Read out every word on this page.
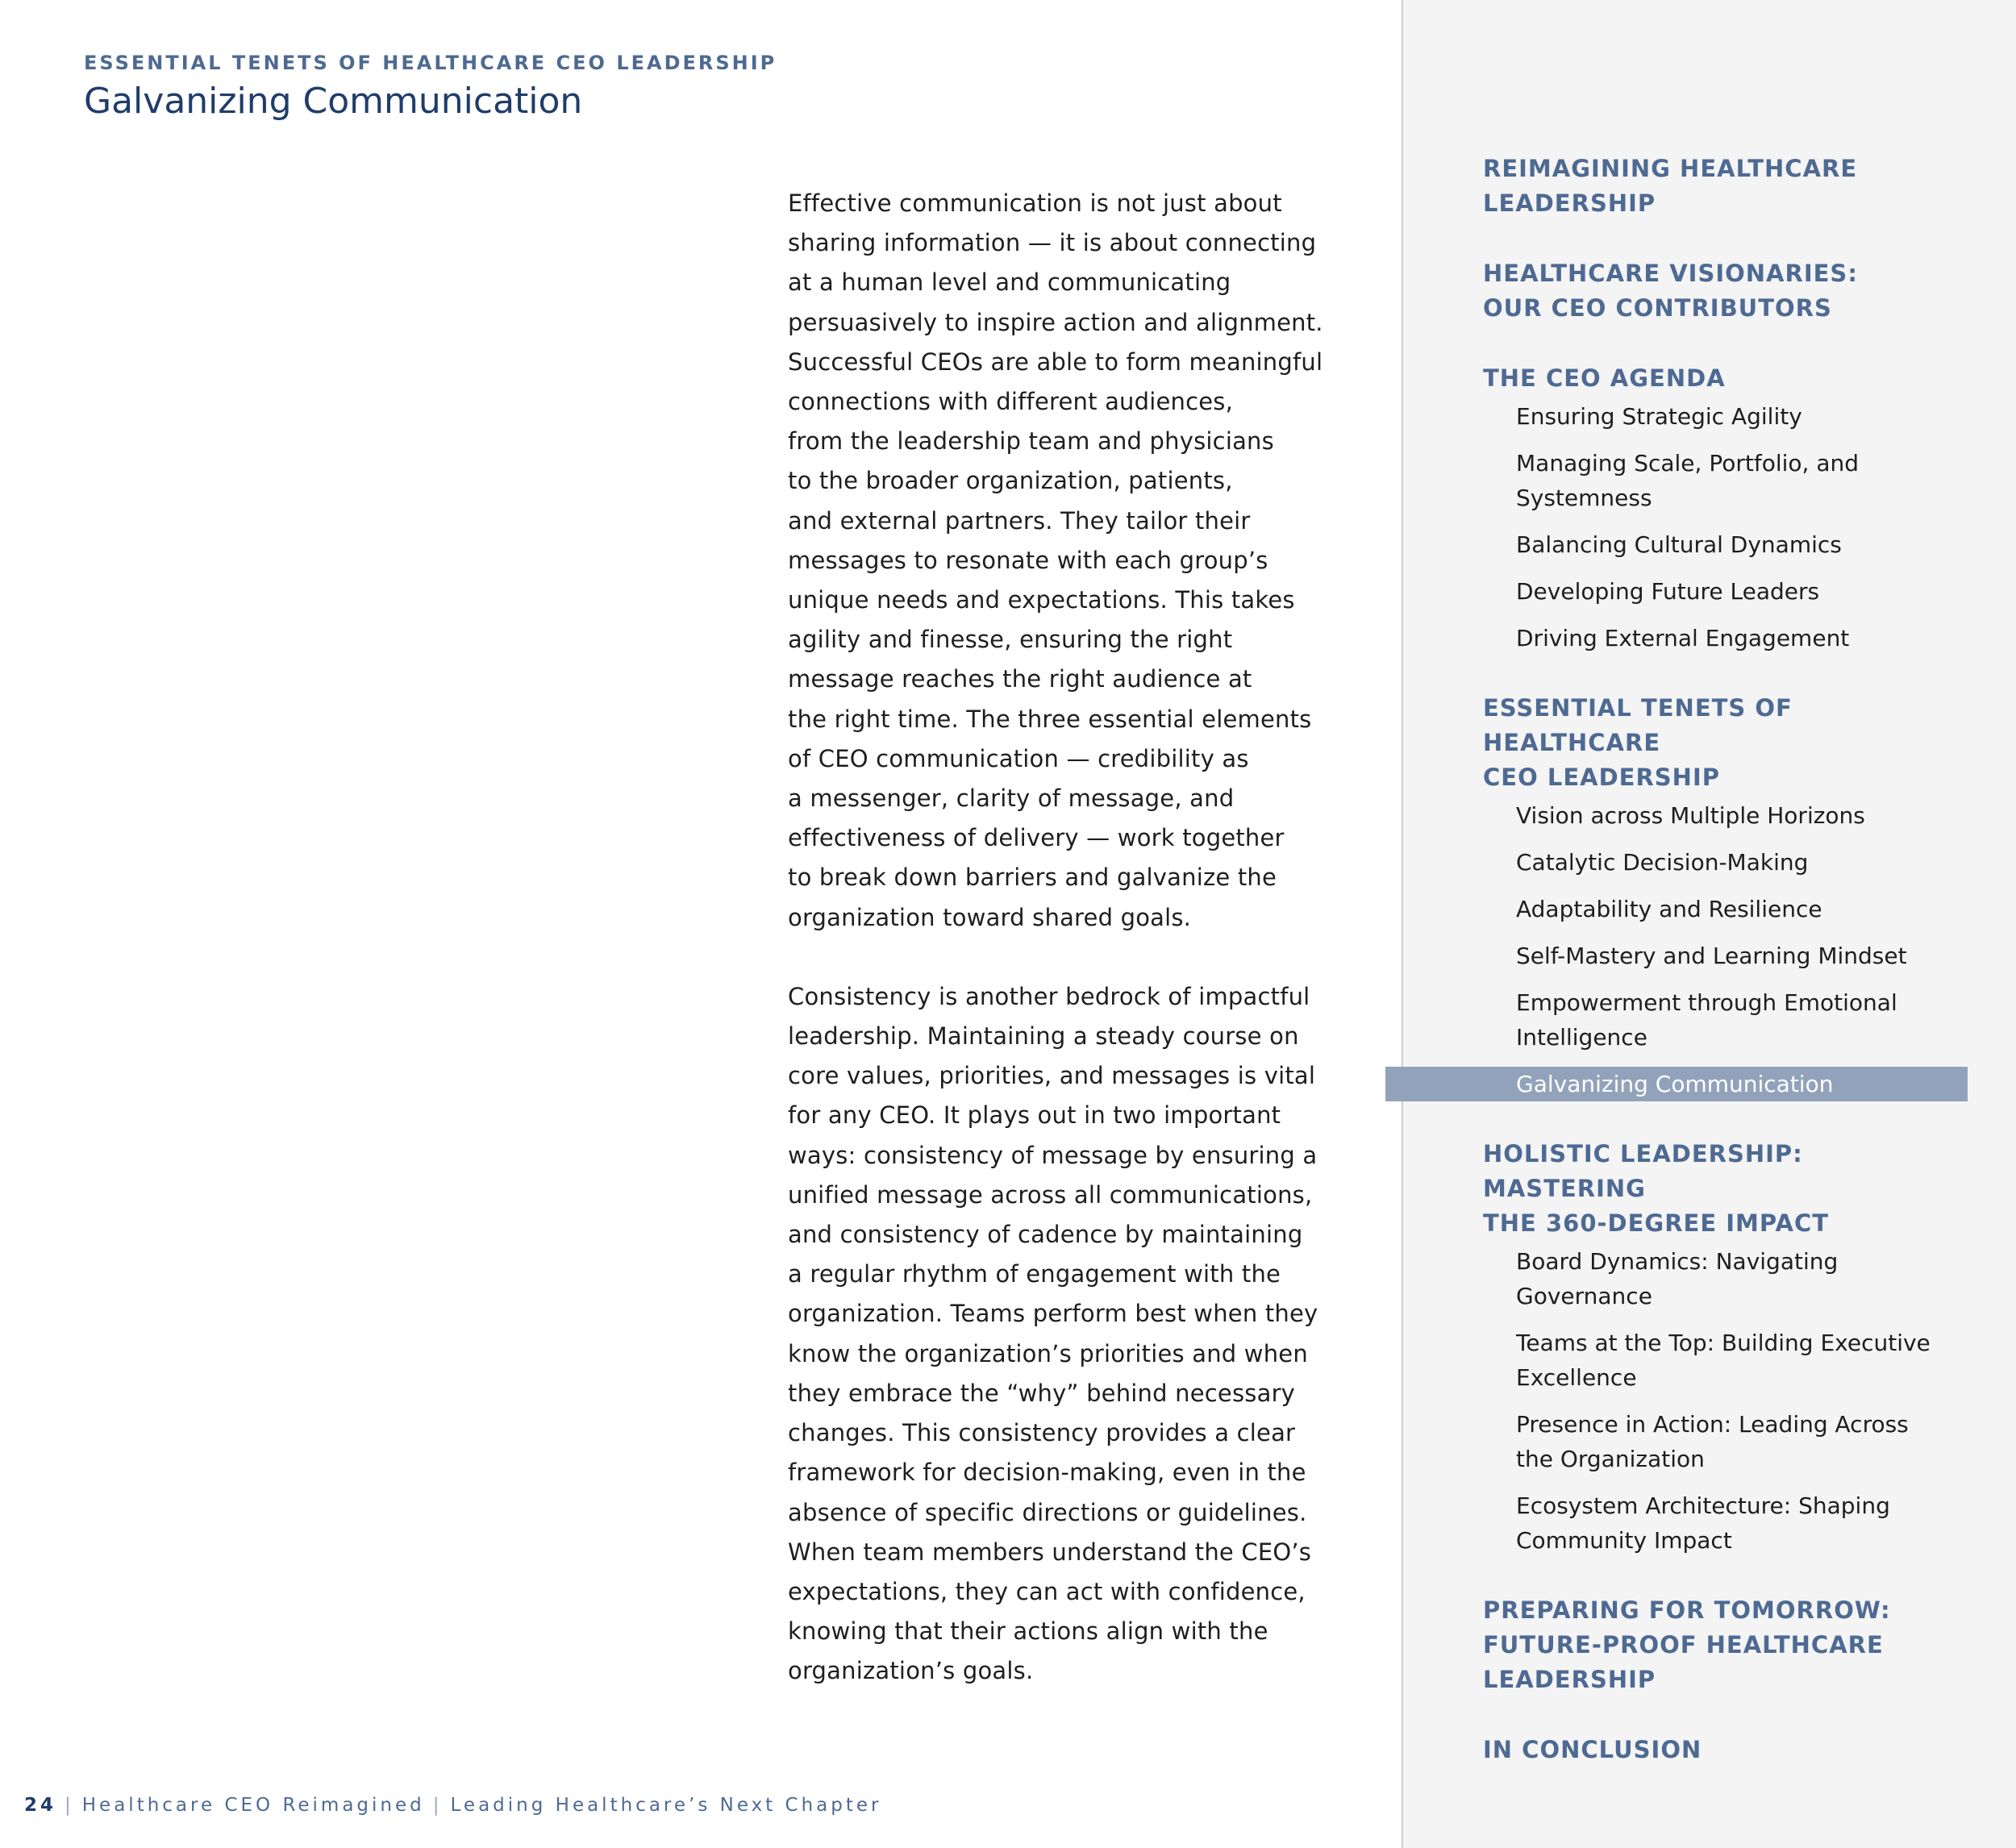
ESSENTIAL TENETS OF HEALTHCARE CEO LEADERSHIP
Galvanizing Communication

Effective communication is not just about
sharing information — it is about connecting
at a human level and communicating
persuasively to inspire action and alignment.
Successful CEOs are able to form meaningful
connections with different audiences,
from the leadership team and physicians
to the broader organization, patients,
and external partners. They tailor their
messages to resonate with each group’s
unique needs and expectations. This takes
agility and finesse, ensuring the right
message reaches the right audience at
the right time. The three essential elements
of CEO communication — credibility as
a messenger, clarity of message, and
effectiveness of delivery — work together
to break down barriers and galvanize the
organization toward shared goals.

Consistency is another bedrock of impactful
leadership. Maintaining a steady course on
core values, priorities, and messages is vital
for any CEO. It plays out in two important
ways: consistency of message by ensuring a
unified message across all communications,
and consistency of cadence by maintaining
a regular rhythm of engagement with the
organization. Teams perform best when they
know the organization’s priorities and when
they embrace the “why” behind necessary
changes. This consistency provides a clear
framework for decision-making, even in the
absence of specific directions or guidelines.
When team members understand the CEO’s
expectations, they can act with confidence,
knowing that their actions align with the
organization’s goals.

24 | Healthcare CEO Reimagined | Leading Healthcare’s Next Chapter
REIMAGINING HEALTHCARE
LEADERSHIP
HEALTHCARE VISIONARIES:
OUR CEO CONTRIBUTORS
THE CEO AGENDA
Ensuring Strategic Agility
Managing Scale, Portfolio, and
Systemness
Balancing Cultural Dynamics
Developing Future Leaders
Driving External Engagement
ESSENTIAL TENETS OF HEALTHCARE
CEO LEADERSHIP
Vision across Multiple Horizons
Catalytic Decision-Making
Adaptability and Resilience
Self-Mastery and Learning Mindset
Empowerment through Emotional
Intelligence
Galvanizing Communication
HOLISTIC LEADERSHIP: MASTERING
THE 360-DEGREE IMPACT
Board Dynamics: Navigating
Governance
Teams at the Top: Building Executive
Excellence
Presence in Action: Leading Across
the Organization
Ecosystem Architecture: Shaping
Community Impact
PREPARING FOR TOMORROW:
FUTURE-PROOF HEALTHCARE
LEADERSHIP
IN CONCLUSION
